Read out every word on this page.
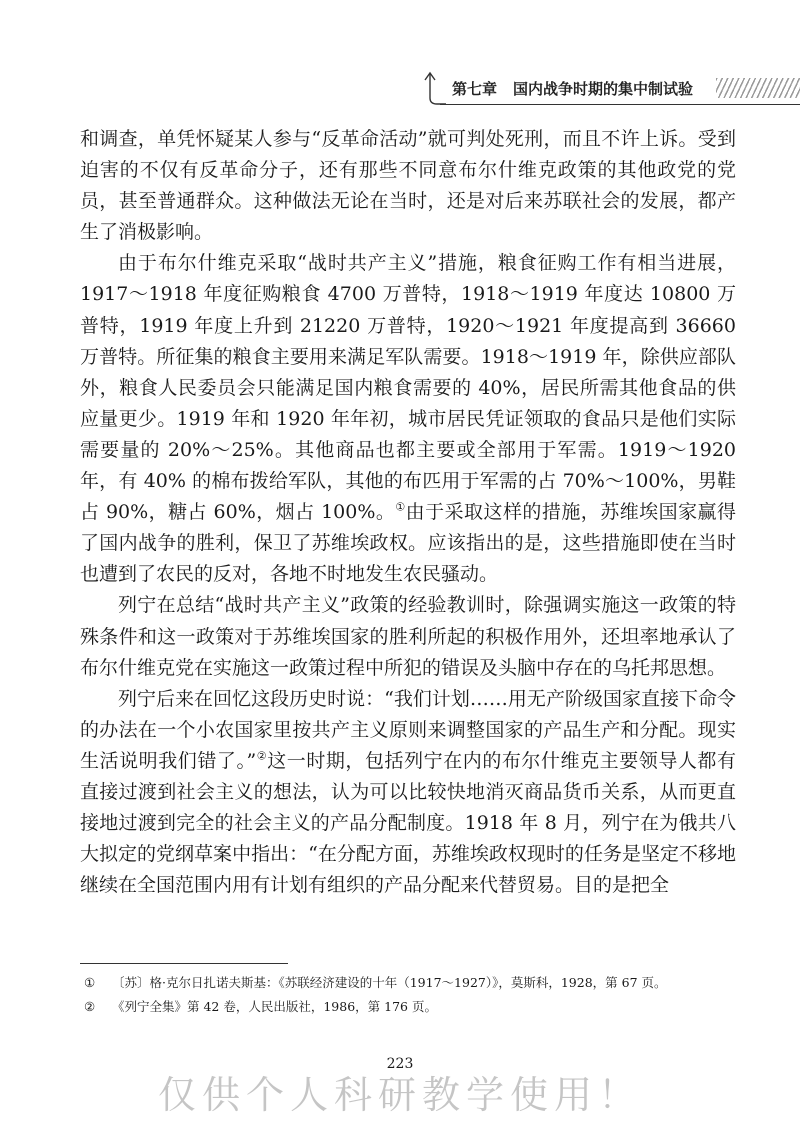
第七章 国内战争时期的集中制试验

和调查，单凭怀疑某人参与“反革命活动”就可判处死刑，而且不许上诉。受到迫害的不仅有反革命分子，还有那些不同意布尔什维克政策的其他政党的党员，甚至普通群众。这种做法无论在当时，还是对后来苏联社会的发展，都产生了消极影响。

由于布尔什维克采取“战时共产主义”措施，粮食征购工作有相当进展，1917～1918 年度征购粮食 4700 万普特，1918～1919 年度达 10800 万普特，1919 年度上升到 21220 万普特，1920～1921 年度提高到 36660 万普特。所征集的粮食主要用来满足军队需要。1918～1919 年，除供应部队外，粮食人民委员会只能满足国内粮食需要的 40%，居民所需其他食品的供应量更少。1919 年和 1920 年年初，城市居民凭证领取的食品只是他们实际需要量的 20%～25%。其他商品也都主要或全部用于军需。1919～1920 年，有 40% 的棉布拨给军队，其他的布匹用于军需的占 70%～100%，男鞋占 90%，糖占 60%，烟占 100%。①由于采取这样的措施，苏维埃国家赢得了国内战争的胜利，保卫了苏维埃政权。应该指出的是，这些措施即使在当时也遭到了农民的反对，各地不时地发生农民骚动。

列宁在总结“战时共产主义”政策的经验教训时，除强调实施这一政策的特殊条件和这一政策对于苏维埃国家的胜利所起的积极作用外，还坦率地承认了布尔什维克党在实施这一政策过程中所犯的错误及头脑中存在的乌托邦思想。

列宁后来在回忆这段历史时说：“我们计划……用无产阶级国家直接下命令的办法在一个小农国家里按共产主义原则来调整国家的产品生产和分配。现实生活说明我们错了。”②这一时期，包括列宁在内的布尔什维克主要领导人都有直接过渡到社会主义的想法，认为可以比较快地消灭商品货币关系，从而更直接地过渡到完全的社会主义的产品分配制度。1918 年 8 月，列宁在为俄共八大拟定的党纲草案中指出：“在分配方面，苏维埃政权现时的任务是坚定不移地继续在全国范围内用有计划有组织的产品分配来代替贸易。目的是把全

①	〔苏〕格·克尔日扎诺夫斯基：《苏联经济建设的十年（1917～1927）》，莫斯科，1928，第 67 页。
②	《列宁全集》第 42 卷，人民出版社，1986，第 176 页。
223
仅供个人科研教学使用！
